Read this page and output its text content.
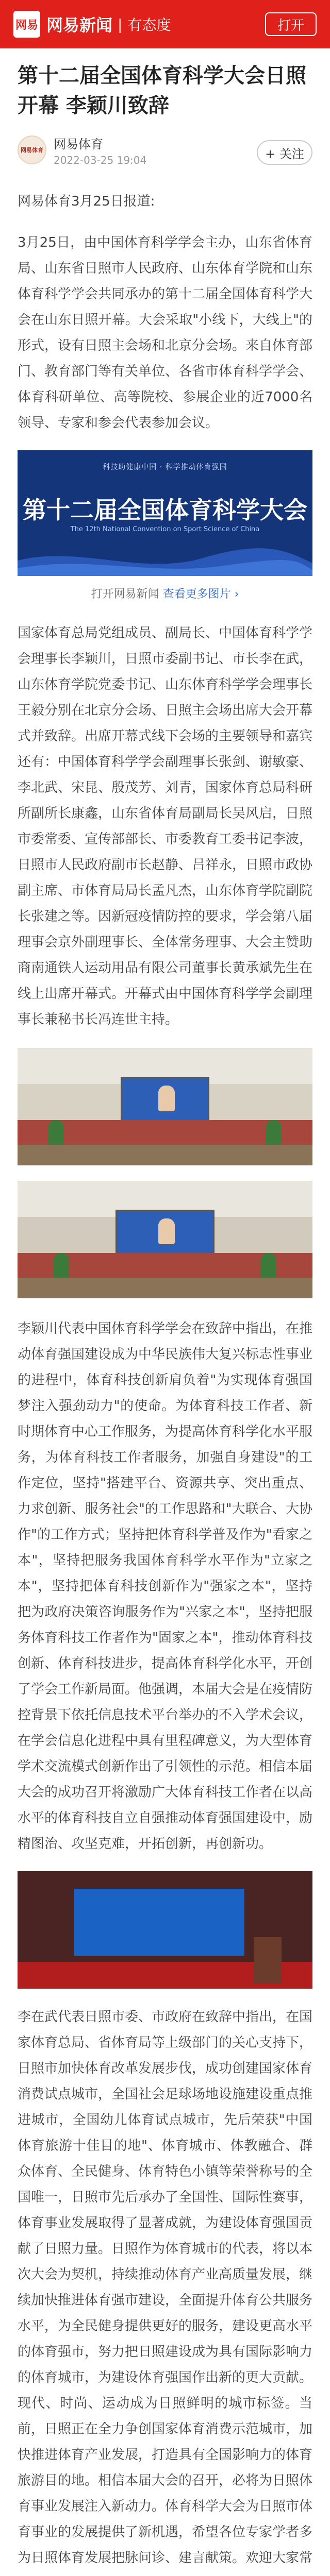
网易 网易新闻 | 有态度	打开
第十二届全国体育科学大会日照开幕 李颖川致辞
网易体育 网易体育
2022-03-25 19:04	+ 关注

网易体育3月25日报道:

3月25日，由中国体育科学学会主办，山东省体育局、山东省日照市人民政府、山东体育学院和山东体育科学学会共同承办的第十二届全国体育科学大会在山东日照开幕。大会采取"小线下，大线上"的形式，设有日照主会场和北京分会场。来自体育部门、教育部门等有关单位、各省市体育科学学会、体育科研单位、高等院校、参展企业的近7000名领导、专家和参会代表参加会议。

科技助健康中国 · 科学推动体育强国
第十二届全国体育科学大会
The 12th National Convention on Sport Science of China
打开网易新闻 查看更多图片 ›

国家体育总局党组成员、副局长、中国体育科学学会理事长李颖川，日照市委副书记、市长李在武，山东体育学院党委书记、山东体育科学学会理事长王毅分别在北京分会场、日照主会场出席大会开幕式并致辞。出席开幕式线下会场的主要领导和嘉宾还有：中国体育科学学会副理事长张剑、谢敏豪、李北武、宋昆、殷茂芳、刘青，国家体育总局科研所副所长康鑫，山东省体育局副局长吴风启，日照市委常委、宣传部部长、市委教育工委书记李波，日照市人民政府副市长赵静、吕祥永，日照市政协副主席、市体育局局长孟凡杰，山东体育学院副院长张建之等。因新冠疫情防控的要求，学会第八届理事会京外副理事长、全体常务理事、大会主赞助商南通铁人运动用品有限公司董事长黄承斌先生在线上出席开幕式。开幕式由中国体育科学学会副理事长兼秘书长冯连世主持。

李颖川代表中国体育科学学会在致辞中指出，在推动体育强国建设成为中华民族伟大复兴标志性事业的进程中，体育科技创新肩负着"为实现体育强国梦注入强劲动力"的使命。为体育科技工作者、新时期体育中心工作服务，为提高体育科学化水平服务，为体育科技工作者服务，加强自身建设"的工作定位，坚持"搭建平台、资源共享、突出重点、力求创新、服务社会"的工作思路和"大联合、大协作"的工作方式；坚持把体育科学普及作为"看家之本"，坚持把服务我国体育科学水平作为"立家之本"，坚持把体育科技创新作为"强家之本"，坚持把为政府决策咨询服务作为"兴家之本"，坚持把服务体育科技工作者作为"固家之本"，推动体育科技创新、体育科技进步，提高体育科学化水平，开创了学会工作新局面。他强调，本届大会是在疫情防控背景下依托信息技术平台举办的不入学术会议，在学会信息化进程中具有里程碑意义，为大型体育学术交流模式创新作出了引领性的示范。相信本届大会的成功召开将激励广大体育科技工作者在以高水平的体育科技自立自强推动体育强国建设中，励精图治、攻坚克难，开拓创新，再创新功。

李在武代表日照市委、市政府在致辞中指出，在国家体育总局、省体育局等上级部门的关心支持下，日照市加快体育改革发展步伐，成功创建国家体育消费试点城市，全国社会足球场地设施建设重点推进城市，全国幼儿体育试点城市，先后荣获"中国体育旅游十佳目的地"、体育城市、体教融合、群众体育、全民健身、体育特色小镇等荣誉称号的全国唯一，日照市先后承办了全国性、国际性赛事，体育事业发展取得了显著成就，为建设体育强国贡献了日照力量。日照作为体育城市的代表，将以本次大会为契机，持续推动体育产业高质量发展，继续加快推进体育强市建设，全面提升体育公共服务水平，为全民健身提供更好的服务，建设更高水平的体育强市，努力把日照建设成为具有国际影响力的体育城市，为建设体育强国作出新的更大贡献。现代、时尚、运动成为日照鲜明的城市标签。当前，日照正在全力争创国家体育消费示范城市，加快推进体育产业发展，打造具有全国影响力的体育旅游目的地。相信本届大会的召开，必将为日照体育事业发展注入新动力。体育科学大会为日照市体育事业的发展提供了新机遇，希望各位专家学者多为日照体育发展把脉问诊、建言献策。欢迎大家常
